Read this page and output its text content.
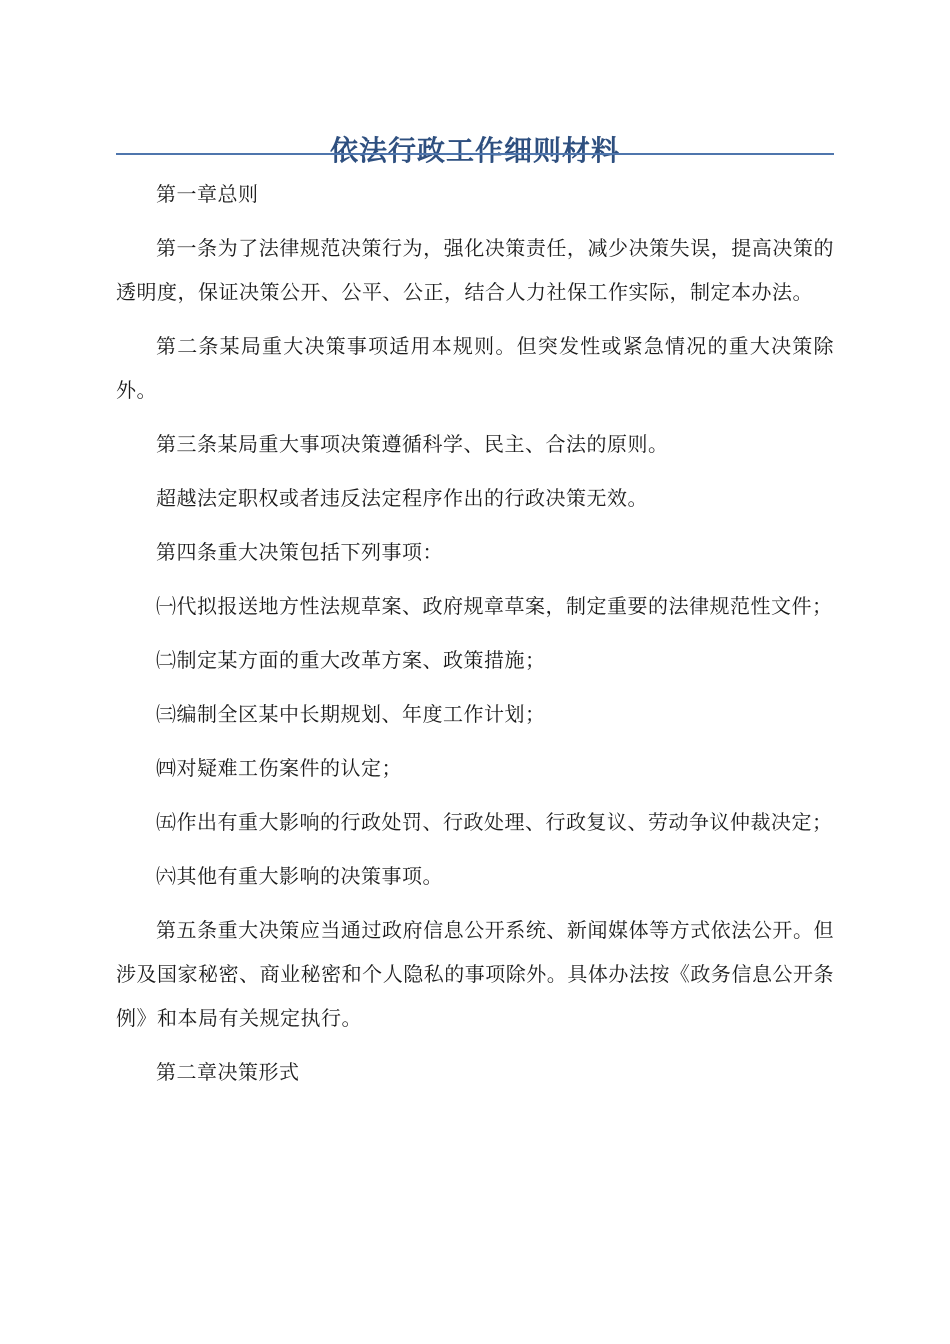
依法行政工作细则材料

第一章总则

第一条为了法律规范决策行为，强化决策责任，减少决策失误，提高决策的透明度，保证决策公开、公平、公正，结合人力社保工作实际，制定本办法。

第二条某局重大决策事项适用本规则。但突发性或紧急情况的重大决策除外。

第三条某局重大事项决策遵循科学、民主、合法的原则。

超越法定职权或者违反法定程序作出的行政决策无效。

第四条重大决策包括下列事项：

㈠代拟报送地方性法规草案、政府规章草案，制定重要的法律规范性文件；

㈡制定某方面的重大改革方案、政策措施；

㈢编制全区某中长期规划、年度工作计划；

㈣对疑难工伤案件的认定；

㈤作出有重大影响的行政处罚、行政处理、行政复议、劳动争议仲裁决定；

㈥其他有重大影响的决策事项。

第五条重大决策应当通过政府信息公开系统、新闻媒体等方式依法公开。但涉及国家秘密、商业秘密和个人隐私的事项除外。具体办法按《政务信息公开条例》和本局有关规定执行。

第二章决策形式
